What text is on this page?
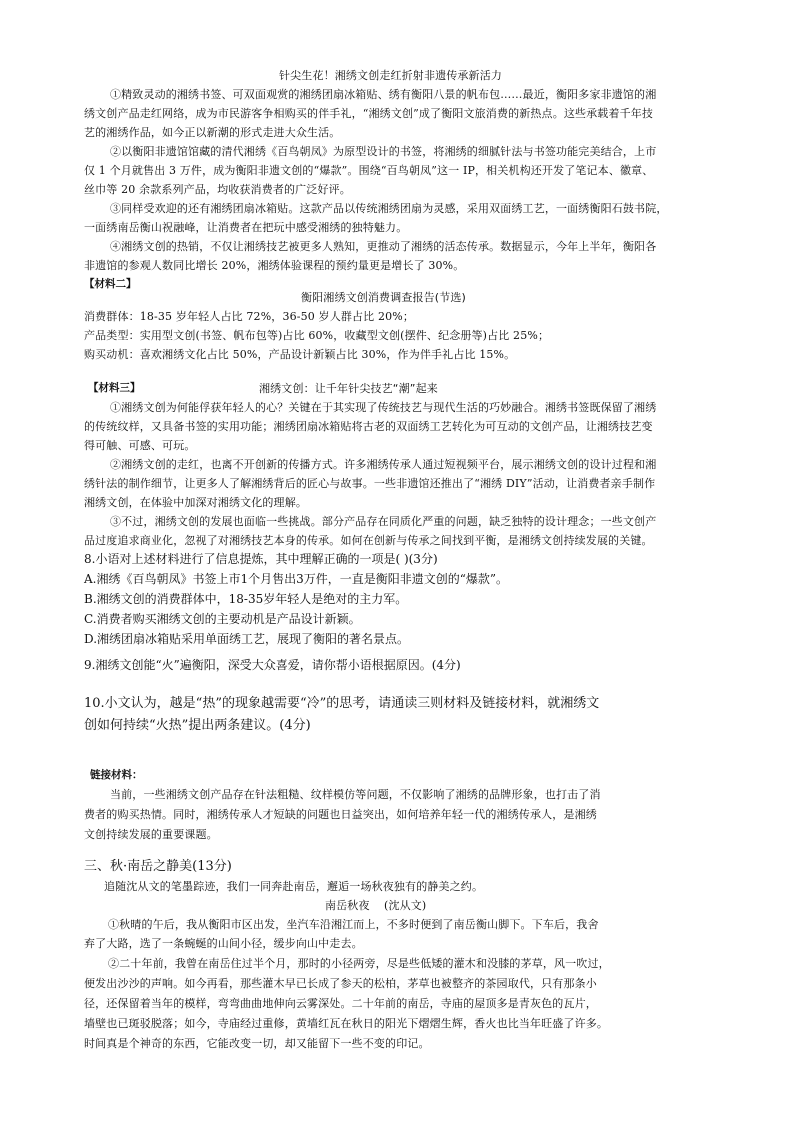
针尖生花！湘绣文创走红折射非遗传承新活力
①精致灵动的湘绣书签、可双面观赏的湘绣团扇冰箱贴、绣有衡阳八景的帆布包……最近，衡阳多家非遗馆的湘
绣文创产品走红网络，成为市民游客争相购买的伴手礼，“湘绣文创”成了衡阳文旅消费的新热点。这些承载着千年技
艺的湘绣作品，如今正以新潮的形式走进大众生活。
②以衡阳非遗馆馆藏的清代湘绣《百鸟朝凤》为原型设计的书签，将湘绣的细腻针法与书签功能完美结合，上市
仅 1 个月就售出 3 万件，成为衡阳非遗文创的“爆款”。围绕“百鸟朝凤”这一 IP，相关机构还开发了笔记本、徽章、
丝巾等 20 余款系列产品，均收获消费者的广泛好评。
③同样受欢迎的还有湘绣团扇冰箱贴。这款产品以传统湘绣团扇为灵感，采用双面绣工艺，一面绣衡阳石鼓书院，
一面绣南岳衡山祝融峰，让消费者在把玩中感受湘绣的独特魅力。
④湘绣文创的热销，不仅让湘绣技艺被更多人熟知，更推动了湘绣的活态传承。数据显示，今年上半年，衡阳各
非遗馆的参观人数同比增长 20%，湘绣体验课程的预约量更是增长了 30%。
【材料二】
衡阳湘绣文创消费调查报告(节选)
消费群体：18-35 岁年轻人占比 72%，36-50 岁人群占比 20%；
产品类型：实用型文创(书签、帆布包等)占比 60%，收藏型文创(摆件、纪念册等)占比 25%；
购买动机：喜欢湘绣文化占比 50%，产品设计新颖占比 30%，作为伴手礼占比 15%。
【材料三】	湘绣文创：让千年针尖技艺“潮”起来
①湘绣文创为何能俘获年轻人的心？关键在于其实现了传统技艺与现代生活的巧妙融合。湘绣书签既保留了湘绣
的传统纹样，又具备书签的实用功能；湘绣团扇冰箱贴将古老的双面绣工艺转化为可互动的文创产品，让湘绣技艺变
得可触、可感、可玩。
②湘绣文创的走红，也离不开创新的传播方式。许多湘绣传承人通过短视频平台，展示湘绣文创的设计过程和湘
绣针法的制作细节，让更多人了解湘绣背后的匠心与故事。一些非遗馆还推出了“湘绣 DIY”活动，让消费者亲手制作
湘绣文创，在体验中加深对湘绣文化的理解。
③不过，湘绣文创的发展也面临一些挑战。部分产品存在同质化严重的问题，缺乏独特的设计理念；一些文创产
品过度追求商业化，忽视了对湘绣技艺本身的传承。如何在创新与传承之间找到平衡，是湘绣文创持续发展的关键。
8.小语对上述材料进行了信息提炼，其中理解正确的一项是( )(3分)
A.湘绣《百鸟朝凤》书签上市1个月售出3万件，一直是衡阳非遗文创的“爆款”。
B.湘绣文创的消费群体中，18-35岁年轻人是绝对的主力军。
C.消费者购买湘绣文创的主要动机是产品设计新颖。
D.湘绣团扇冰箱贴采用单面绣工艺，展现了衡阳的著名景点。
9.湘绣文创能“火”遍衡阳，深受大众喜爱，请你帮小语根据原因。(4分)
10.小文认为，越是“热”的现象越需要“冷”的思考，请通读三则材料及链接材料，就湘绣文
创如何持续“火热”提出两条建议。(4分)
链接材料：
当前，一些湘绣文创产品存在针法粗糙、纹样模仿等问题，不仅影响了湘绣的品牌形象，也打击了消
费者的购买热情。同时，湘绣传承人才短缺的问题也日益突出，如何培养年轻一代的湘绣传承人，是湘绣
文创持续发展的重要课题。
三、秋·南岳之静美(13分)
追随沈从文的笔墨踪迹，我们一同奔赴南岳，邂逅一场秋夜独有的静美之约。
南岳秋夜 (沈从文)
①秋晴的午后，我从衡阳市区出发，坐汽车沿湘江而上，不多时便到了南岳衡山脚下。下车后，我舍
弃了大路，选了一条蜿蜒的山间小径，缓步向山中走去。
②二十年前，我曾在南岳住过半个月，那时的小径两旁，尽是些低矮的灌木和没膝的茅草，风一吹过，
便发出沙沙的声响。如今再看，那些灌木早已长成了参天的松柏，茅草也被整齐的茶园取代，只有那条小
径，还保留着当年的模样，弯弯曲曲地伸向云雾深处。二十年前的南岳，寺庙的屋顶多是青灰色的瓦片，
墙壁也已斑驳脱落；如今，寺庙经过重修，黄墙红瓦在秋日的阳光下熠熠生辉，香火也比当年旺盛了许多。
时间真是个神奇的东西，它能改变一切，却又能留下一些不变的印记。
